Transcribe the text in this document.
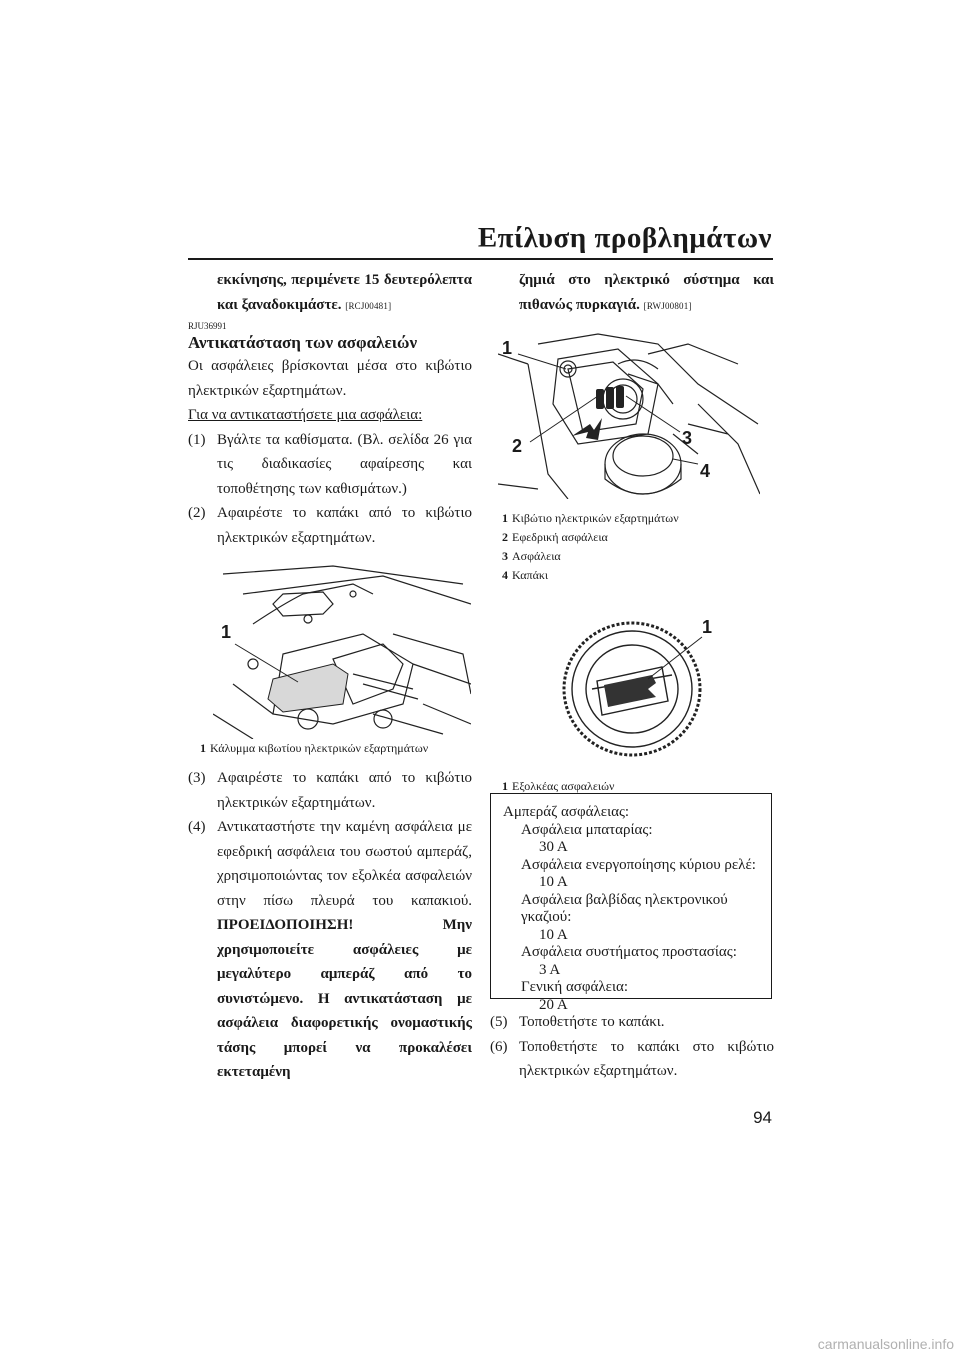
Επίλυση προβλημάτων

εκκίνησης, περιμένετε 15 δευτερόλεπτα

και ξαναδοκιμάστε. [RCJ00481]

RJU36991
Αντικατάσταση των ασφαλειών

Οι ασφάλειες βρίσκονται μέσα στο κιβώτιο ηλεκτρικών εξαρτημάτων.

Για να αντικαταστήσετε μια ασφάλεια:

(1) Βγάλτε τα καθίσματα. (Βλ. σελίδα 26 για τις διαδικασίες αφαίρεσης και τοποθέτησης των καθισμάτων.)
(2) Αφαιρέστε το καπάκι από το κιβώτιο ηλεκτρικών εξαρτημάτων.
1
1 Κάλυμμα κιβωτίου ηλεκτρικών εξαρτημάτων
(3) Αφαιρέστε το καπάκι από το κιβώτιο ηλεκτρικών εξαρτημάτων.
(4) Αντικαταστήστε την καμένη ασφάλεια με εφεδρική ασφάλεια του σωστού αμπεράζ, χρησιμοποιώντας τον εξολκέα ασφαλειών στην πίσω πλευρά του καπακιού. ΠΡΟΕΙΔΟΠΟΙΗΣΗ! Μην χρησιμοποιείτε ασφάλειες με μεγαλύτερο αμπεράζ από το συνιστώμενο. Η αντικατάσταση με ασφάλεια διαφορετικής ονομαστικής τάσης μπορεί να προκαλέσει εκτεταμένη

ζημιά στο ηλεκτρικό σύστημα και πιθανώς πυρκαγιά. [RWJ00801]

1
2	3
4
1 Κιβώτιο ηλεκτρικών εξαρτημάτων
2 Εφεδρική ασφάλεια
3 Ασφάλεια
4 Καπάκι
1
1 Εξολκέας ασφαλειών
Αμπεράζ ασφάλειας:
Ασφάλεια μπαταρίας:
30 A
Ασφάλεια ενεργοποίησης κύριου ρελέ:
10 A
Ασφάλεια βαλβίδας ηλεκτρονικού
γκαζιού:
10 A
Ασφάλεια συστήματος προστασίας:
3 A
Γενική ασφάλεια:
20 A
(5) Τοποθετήστε το καπάκι.
(6) Τοποθετήστε το καπάκι στο κιβώτιο ηλεκτρικών εξαρτημάτων.
94
carmanualsonline.info
